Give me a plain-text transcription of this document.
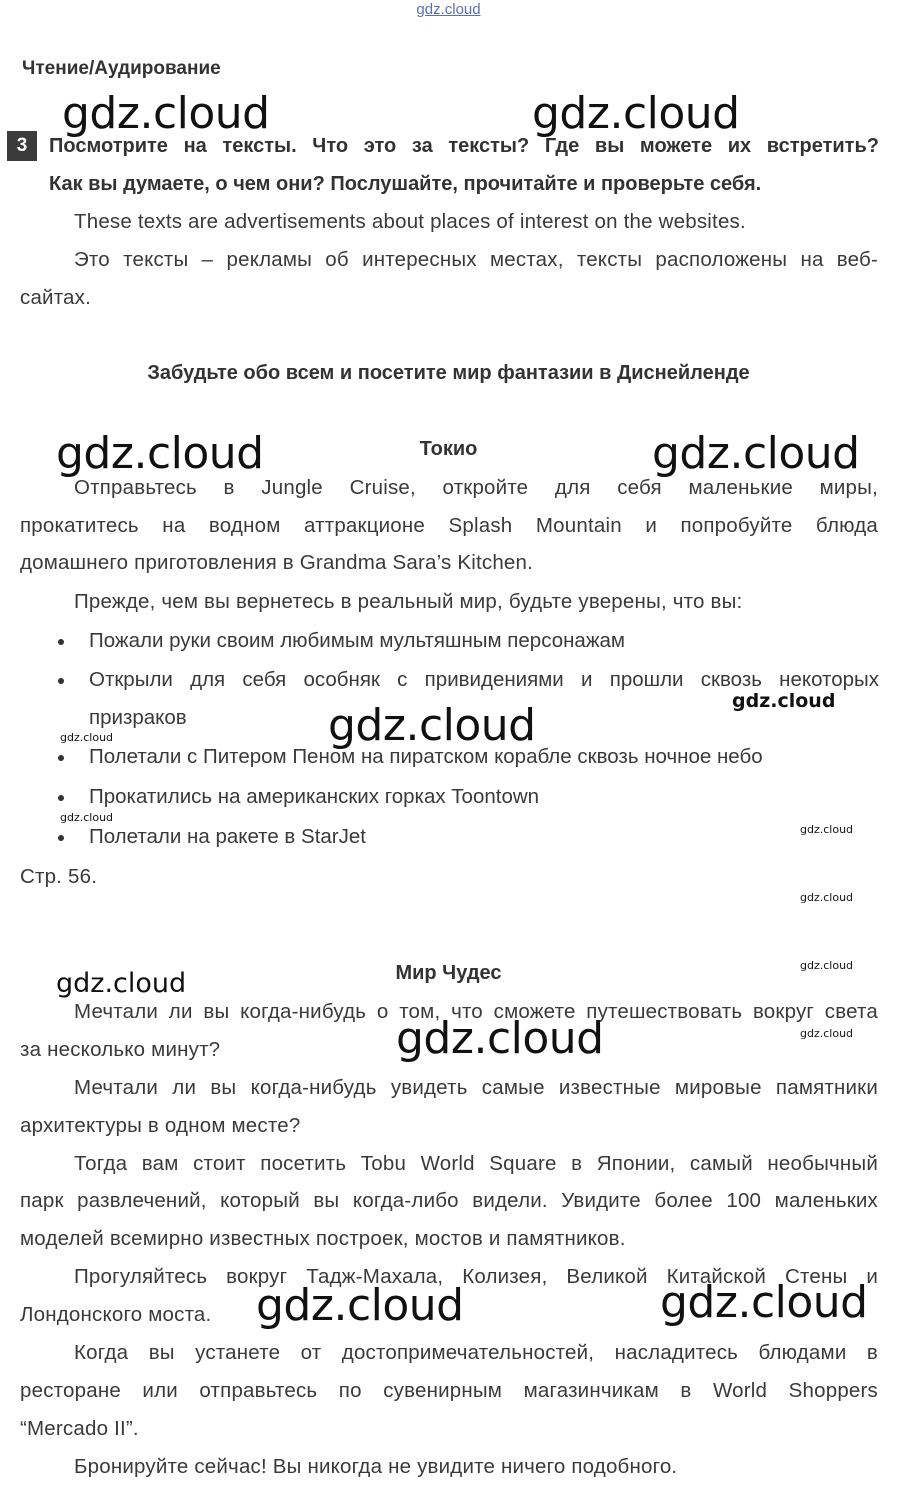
gdz.cloud
Чтение/Аудирование
3	Посмотрите на тексты. Что это за тексты? Где вы можете их встретить?
Как вы думаете, о чем они? Послушайте, прочитайте и проверьте себя.
These texts are advertisements about places of interest on the websites.
Это тексты – рекламы об интересных местах, тексты расположены на веб-
сайтах.
Забудьте обо всем и посетите мир фантазии в Диснейленде
Токио
Отправьтесь в Jungle Cruise, откройте для себя маленькие миры,
прокатитесь на водном аттракционе Splash Mountain и попробуйте блюда
домашнего приготовления в Grandma Sara’s Kitchen.
Прежде, чем вы вернетесь в реальный мир, будьте уверены, что вы:
Пожали руки своим любимым мультяшным персонажам
Открыли для себя особняк с привидениями и прошли сквозь некоторых
призраков
Полетали с Питером Пеном на пиратском корабле сквозь ночное небо
Прокатились на американских горках Toontown
Полетали на ракете в StarJet
Стр. 56.
Мир Чудес
Мечтали ли вы когда-нибудь о том, что сможете путешествовать вокруг света
за несколько минут?
Мечтали ли вы когда-нибудь увидеть самые известные мировые памятники
архитектуры в одном месте?
Тогда вам стоит посетить Tobu World Square в Японии, самый необычный
парк развлечений, который вы когда-либо видели. Увидите более 100 маленьких
моделей всемирно известных построек, мостов и памятников.
Прогуляйтесь вокруг Тадж-Махала, Колизея, Великой Китайской Стены и
Лондонского моста.
Когда вы устанете от достопримечательностей, насладитесь блюдами в
ресторане или отправьтесь по сувенирным магазинчикам в World Shoppers
“Mercado II”.
Бронируйте сейчас! Вы никогда не увидите ничего подобного.
gdz.cloud	gdz.cloud
gdz.cloud	gdz.cloud
gdz.cloud	gdz.cloud
gdz.cloud
gdz.cloud
gdz.cloud
gdz.cloud
gdz.cloud
gdz.cloud
gdz.cloud
gdz.cloud
gdz.cloud	gdz.cloud
